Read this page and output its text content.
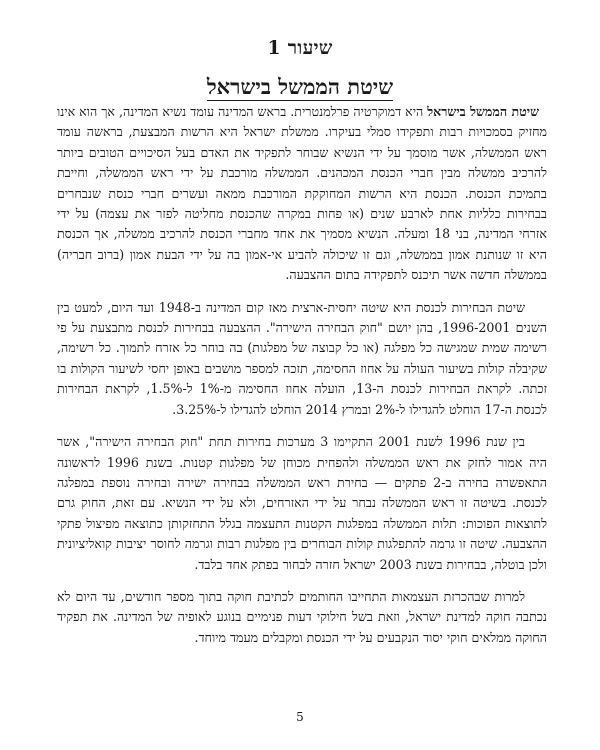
שיעור 1
שיטת הממשל בישראל

שיטת הממשל בישראל היא דמוקרטיה פרלמנטרית. בראש המדינה עומד נשיא המדינה, אך הוא אינו מחזיק בסמכויות רבות ותפקידו סמלי בעיקרו. ממשלת ישראל היא הרשות המבצעת, בראשה עומד ראש הממשלה, אשר מוסמך על ידי הנשיא שבוחר לתפקיד את האדם בעל הסיכויים הטובים ביותר להרכיב ממשלה מבין חברי הכנסת המכהנים. הממשלה מורכבת על ידי ראש הממשלה, וחייבת בתמיכת הכנסת. הכנסת היא הרשות המחוקקת המורכבת ממאה ועשרים חברי כנסת שנבחרים בבחירות כלליות אחת לארבע שנים (או פחות במקרה שהכנסת מחליטה לפזר את עצמה) על ידי אזרחי המדינה, בני 18 ומעלה. הנשיא מסמיך את אחד מחברי הכנסת להרכיב ממשלה, אך הכנסת היא זו שנותנת אמון בממשלה, וגם זו שיכולה להביע אי-אמון בה על ידי הבעת אמון (ברוב חבריה) בממשלה חדשה אשר תיכנס לתפקידה בתום ההצבעה.

שיטת הבחירות לכנסת היא שיטה יחסית-ארצית מאז קום המדינה ב-1948 ועד היום, למעט בין השנים 1996-2001, בהן יושם "חוק הבחירה הישירה". ההצבעה בבחירות לכנסת מתבצעת על פי רשימה שמית שמגישה כל מפלגה (או כל קבוצה של מפלגות) בה בוחר כל אזרח לתמוך. כל רשימה, שקיבלה קולות בשיעור העולה על אחוז החסימה, תזכה למספר מושבים באופן יחסי לשיעור הקולות בו זכתה. לקראת הבחירות לכנסת ה-13, הועלה אחוז החסימה מ-1% ל-1.5%, לקראת הבחירות לכנסת ה-17 הוחלט להגדילו ל-2% ובמרץ 2014 הוחלט להגדילו ל-3.25%.

בין שנת 1996 לשנת 2001 התקיימו 3 מערכות בחירות תחת "חוק הבחירה הישירה", אשר היה אמור לחזק את ראש הממשלה ולהפחית מכוחן של מפלגות קטנות. בשנת 1996 לראשונה התאפשרה בחירה ב-2 פתקים — בחירת ראש הממשלה בבחירה ישירה ובחירה נוספת במפלגה לכנסת. בשיטה זו ראש הממשלה נבחר על ידי האזרחים, ולא על ידי הנשיא. עם זאת, החוק גרם לתוצאות הפוכות: תלות הממשלה במפלגות הקטנות התעצמה בגלל התחזקותן כתוצאה מפיצול פתקי ההצבעה. שיטה זו גרמה להתפלגות קולות הבוחרים בין מפלגות רבות וגרמה לחוסר יציבות קואליציונית ולכן בוטלה, בבחירות בשנת 2003 ישראל חזרה לבחור בפתק אחד בלבד.

למרות שבהכרזת העצמאות התחייבו החותמים לכתיבת חוקה בתוך מספר חודשים, עד היום לא נכתבה חוקה למדינת ישראל, וזאת בשל חילוקי דעות פנימיים בנוגע לאופיה של המדינה. את תפקיד החוקה ממלאים חוקי יסוד הנקבעים על ידי הכנסת ומקבלים מעמד מיוחד.

5
